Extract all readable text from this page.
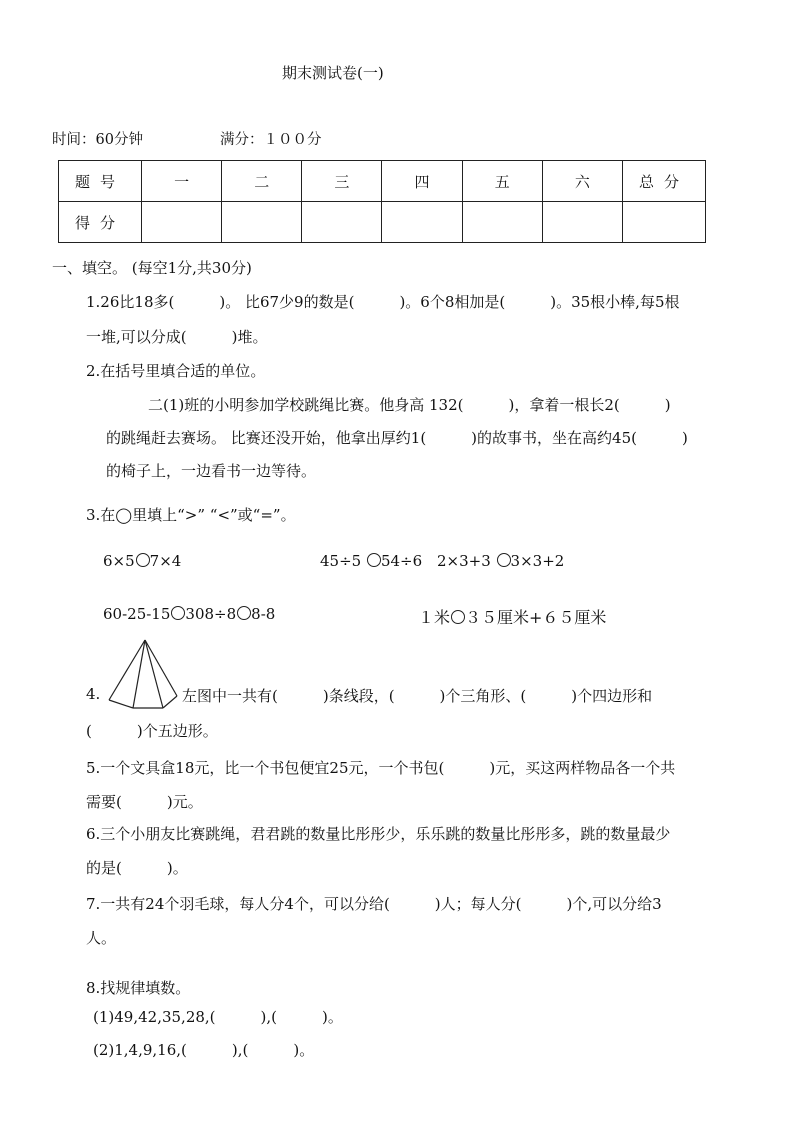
期末测试卷(一)
时间：60分钟	满分：１００分
题号	一	二	三	四	五	六	总分
得分							
一、填空。 (每空1分,共30分)
1.26比18多(　　　)。 比67少9的数是(　　　)。6个8相加是(　　　)。35根小棒,每5根
一堆,可以分成(　　　)堆。
2.在括号里填合适的单位。
二(1)班的小明参加学校跳绳比赛。他身高 132(　　　)，拿着一根长2(　　　)
的跳绳赶去赛场。 比赛还没开始，他拿出厚约1(　　　)的故事书，坐在高约45(　　　)
的椅子上，一边看书一边等待。
3.在◯里填上“>” “<”或“=”。
6×5 7×4	45÷5 54÷6 2×3+3 3×3+2
60-25-15 308÷8 8-8	１米 ３５厘米+６５厘米
4.	左图中一共有(　　　)条线段，(　　　)个三角形、(　　　)个四边形和
(　　　)个五边形。
5.一个文具盒18元，比一个书包便宜25元，一个书包(　　　)元，买这两样物品各一个共
需要(　　　)元。
6.三个小朋友比赛跳绳，君君跳的数量比彤彤少，乐乐跳的数量比彤彤多，跳的数量最少
的是(　　　)。
7.一共有24个羽毛球，每人分4个，可以分给(　　　)人；每人分(　　　)个,可以分给3
人。
8.找规律填数。
(1)49,42,35,28,(　　　),(　　　)。
(2)1,4,9,16,(　　　),(　　　)。
